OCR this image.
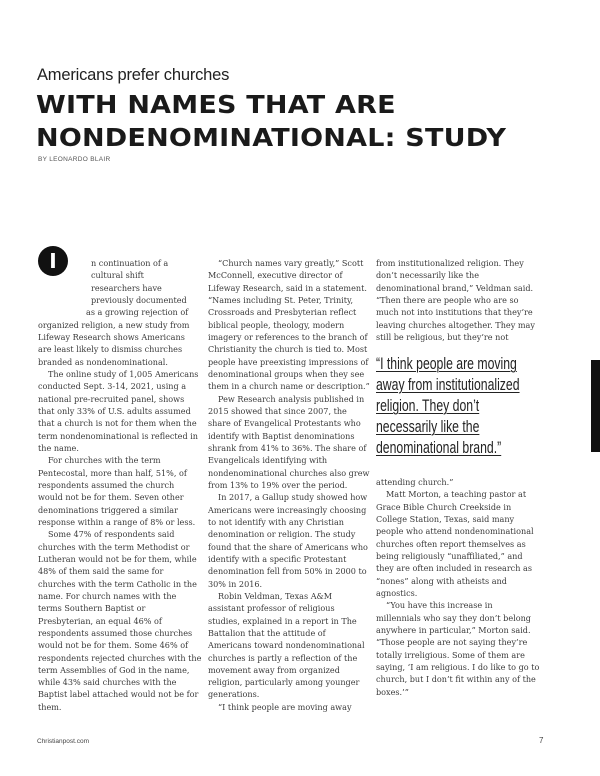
Americans prefer churches
WITH NAMES THAT ARE
NONDENOMINATIONAL: STUDY
BY LEONARDO BLAIR
I	n continuation of a
cultural shift
researchers have
previously documented
as a growing rejection of
organized religion, a new study from
Lifeway Research shows Americans
are least likely to dismiss churches
branded as nondenominational.
The online study of 1,005 Americans
conducted Sept. 3-14, 2021, using a
national pre-recruited panel, shows
that only 33% of U.S. adults assumed
that a church is not for them when the
term nondenominational is reflected in
the name.
For churches with the term
Pentecostal, more than half, 51%, of
respondents assumed the church
would not be for them. Seven other
denominations triggered a similar
response within a range of 8% or less.
Some 47% of respondents said
churches with the term Methodist or
Lutheran would not be for them, while
48% of them said the same for
churches with the term Catholic in the
name. For church names with the
terms Southern Baptist or
Presbyterian, an equal 46% of
respondents assumed those churches
would not be for them. Some 46% of
respondents rejected churches with the
term Assemblies of God in the name,
while 43% said churches with the
Baptist label attached would not be for
them.
“Church names vary greatly,” Scott
McConnell, executive director of
Lifeway Research, said in a statement.
“Names including St. Peter, Trinity,
Crossroads and Presbyterian reflect
biblical people, theology, modern
imagery or references to the branch of
Christianity the church is tied to. Most
people have preexisting impressions of
denominational groups when they see
them in a church name or description.”
Pew Research analysis published in
2015 showed that since 2007, the
share of Evangelical Protestants who
identify with Baptist denominations
shrank from 41% to 36%. The share of
Evangelicals identifying with
nondenominational churches also grew
from 13% to 19% over the period.
In 2017, a Gallup study showed how
Americans were increasingly choosing
to not identify with any Christian
denomination or religion. The study
found that the share of Americans who
identify with a specific Protestant
denomination fell from 50% in 2000 to
30% in 2016.
Robin Veldman, Texas A&M
assistant professor of religious
studies, explained in a report in The
Battalion that the attitude of
Americans toward nondenominational
churches is partly a reflection of the
movement away from organized
religion, particularly among younger
generations.
“I think people are moving away
from institutionalized religion. They
don’t necessarily like the
denominational brand,” Veldman said.
“Then there are people who are so
much not into institutions that they’re
leaving churches altogether. They may
still be religious, but they’re not
“I think people are moving
away from institutionalized
religion. They don’t
necessarily like the
denominational brand.”
attending church.”
Matt Morton, a teaching pastor at
Grace Bible Church Creekside in
College Station, Texas, said many
people who attend nondenominational
churches often report themselves as
being religiously “unaffiliated,” and
they are often included in research as
“nones” along with atheists and
agnostics.
“You have this increase in
millennials who say they don’t belong
anywhere in particular,” Morton said.
“Those people are not saying they’re
totally irreligious. Some of them are
saying, ‘I am religious. I do like to go to
church, but I don’t fit within any of the
boxes.’”
Christianpost.com	7
